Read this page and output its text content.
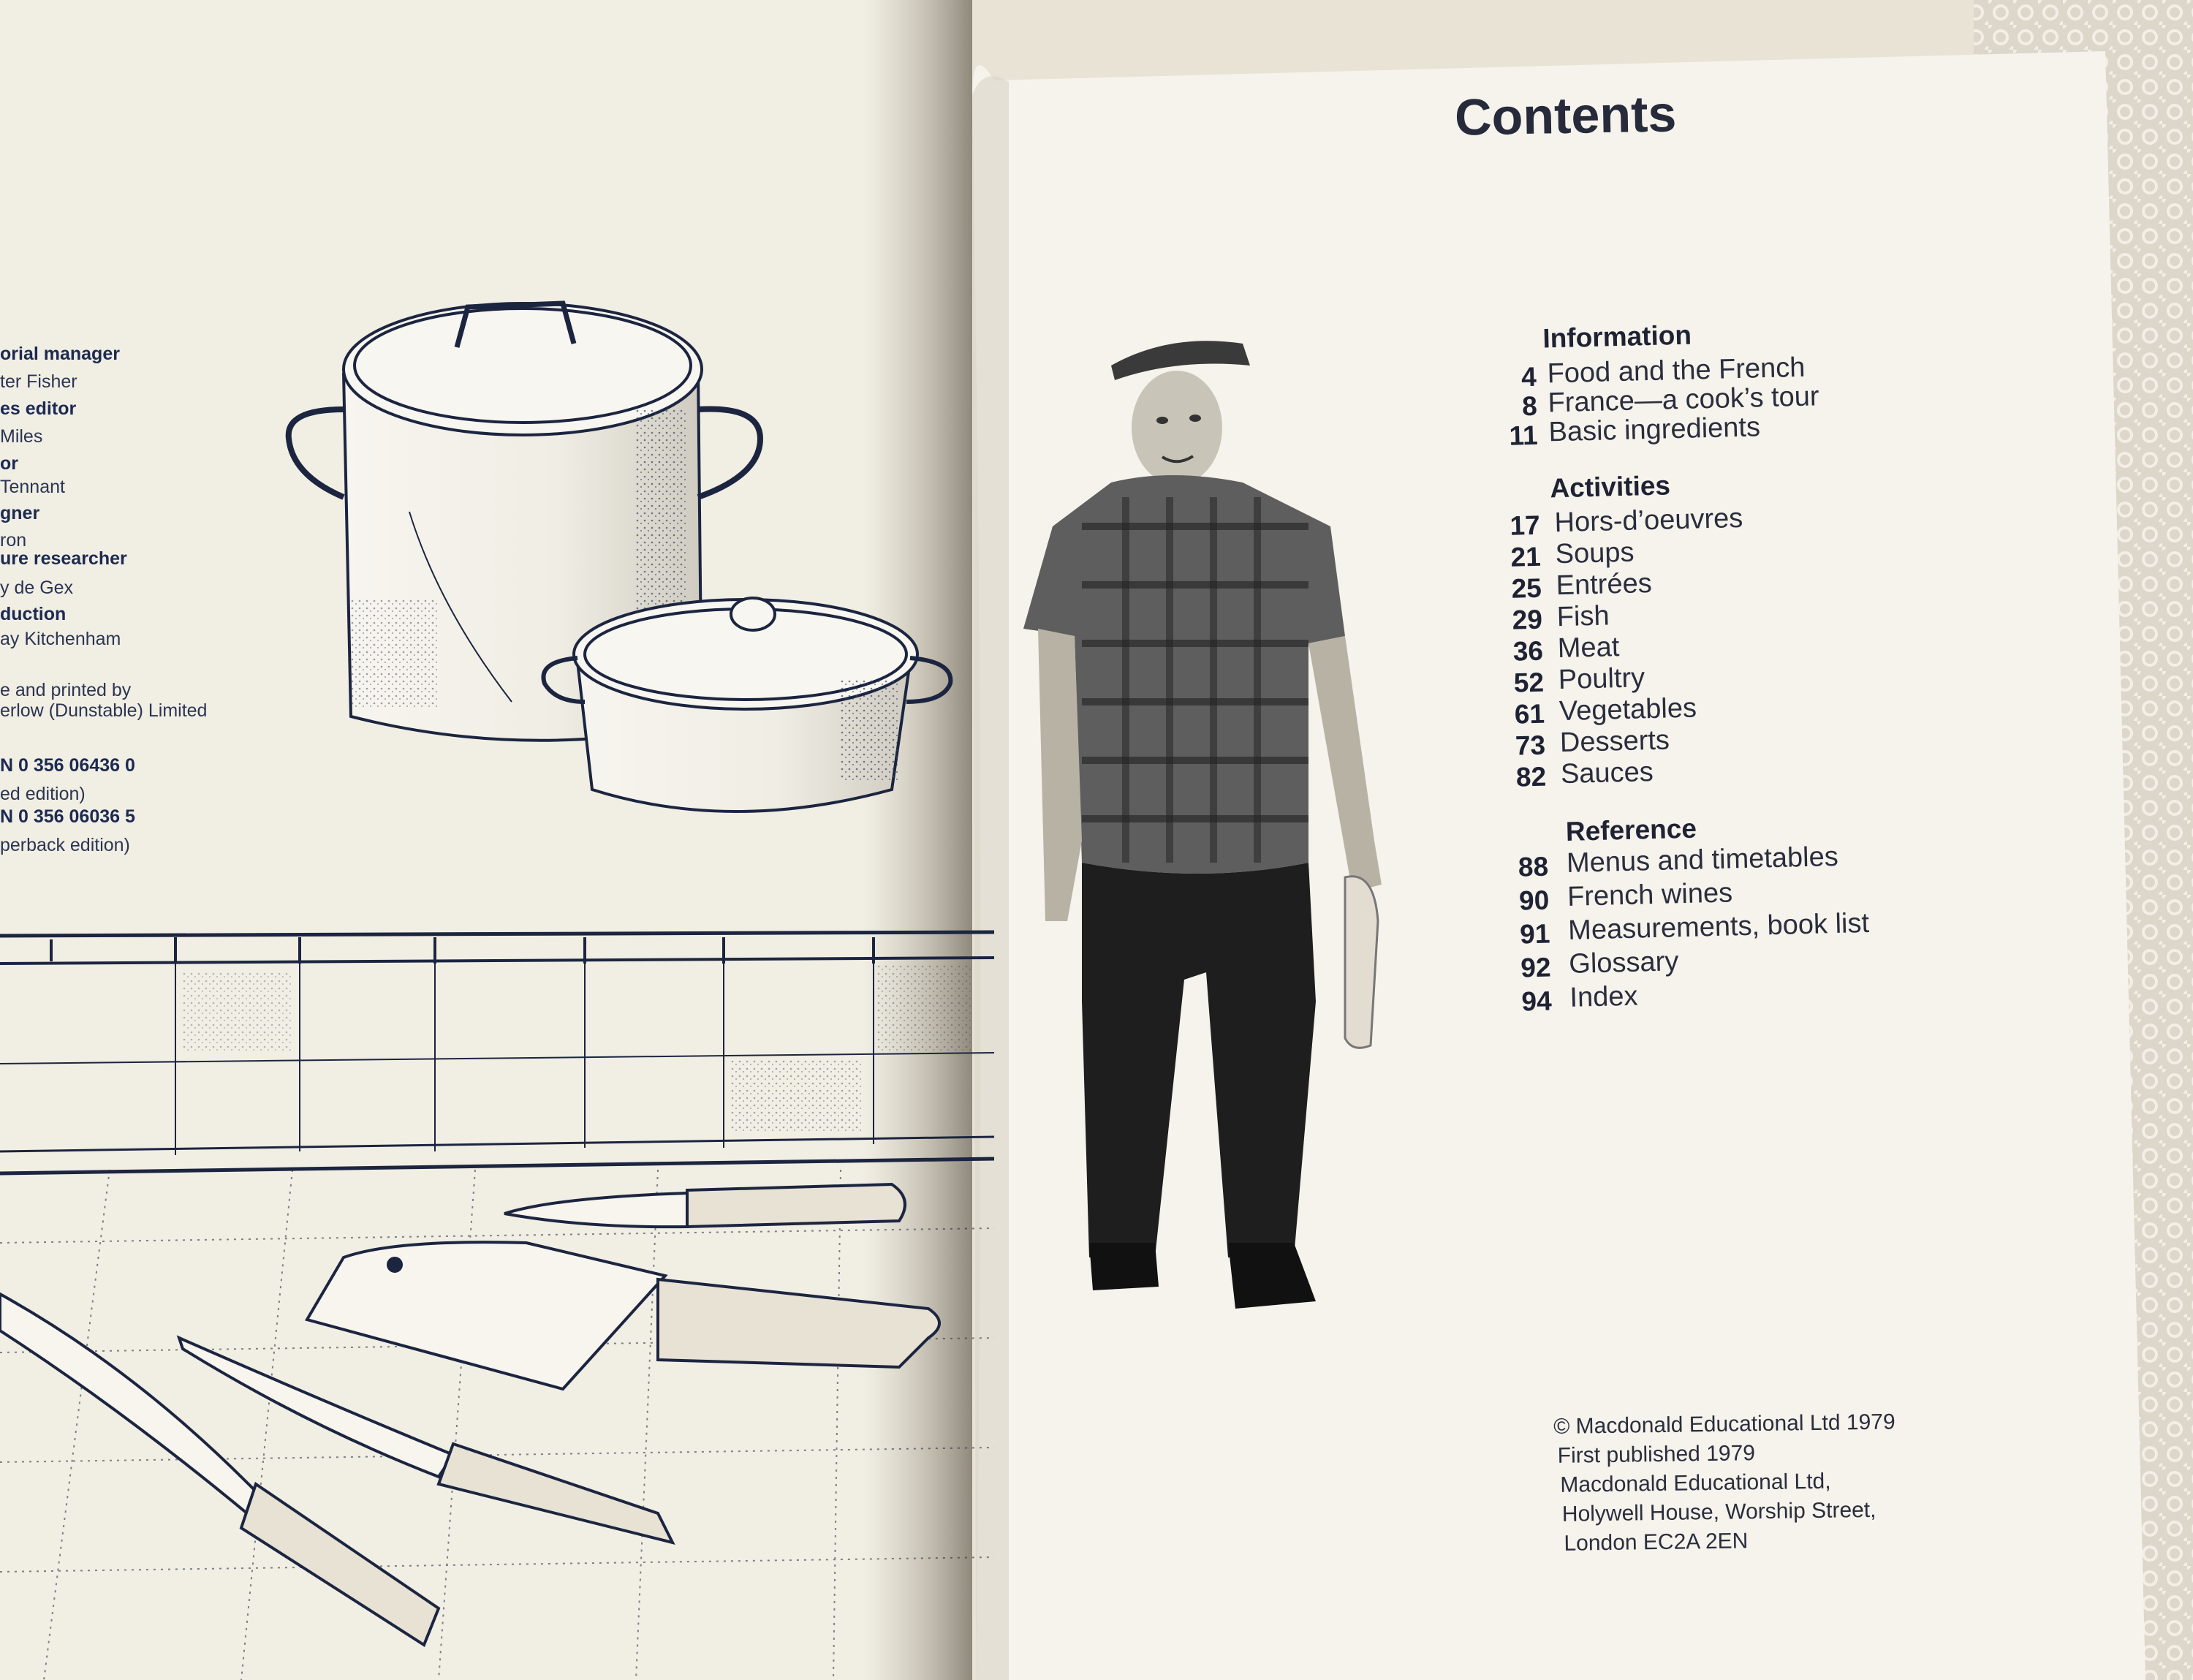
orial manager
ter Fisher
es editor
Miles
or
Tennant
gner
ron
ure researcher
y de Gex
duction
ay Kitchenham
e and printed by
erlow (Dunstable) Limited
N 0 356 06436 0
ed edition)
N 0 356 06036 5
perback edition)
Contents
Information
4 Food and the French
8 France—a cook’s tour
11 Basic ingredients
Activities
17 Hors-d’oeuvres
21 Soups
25 Entrées
29 Fish
36 Meat
52 Poultry
61 Vegetables
73 Desserts
82 Sauces
Reference
88 Menus and timetables
90 French wines
91 Measurements, book list
92 Glossary
94 Index
© Macdonald Educational Ltd 1979
First published 1979
Macdonald Educational Ltd,
Holywell House, Worship Street,
London EC2A 2EN
